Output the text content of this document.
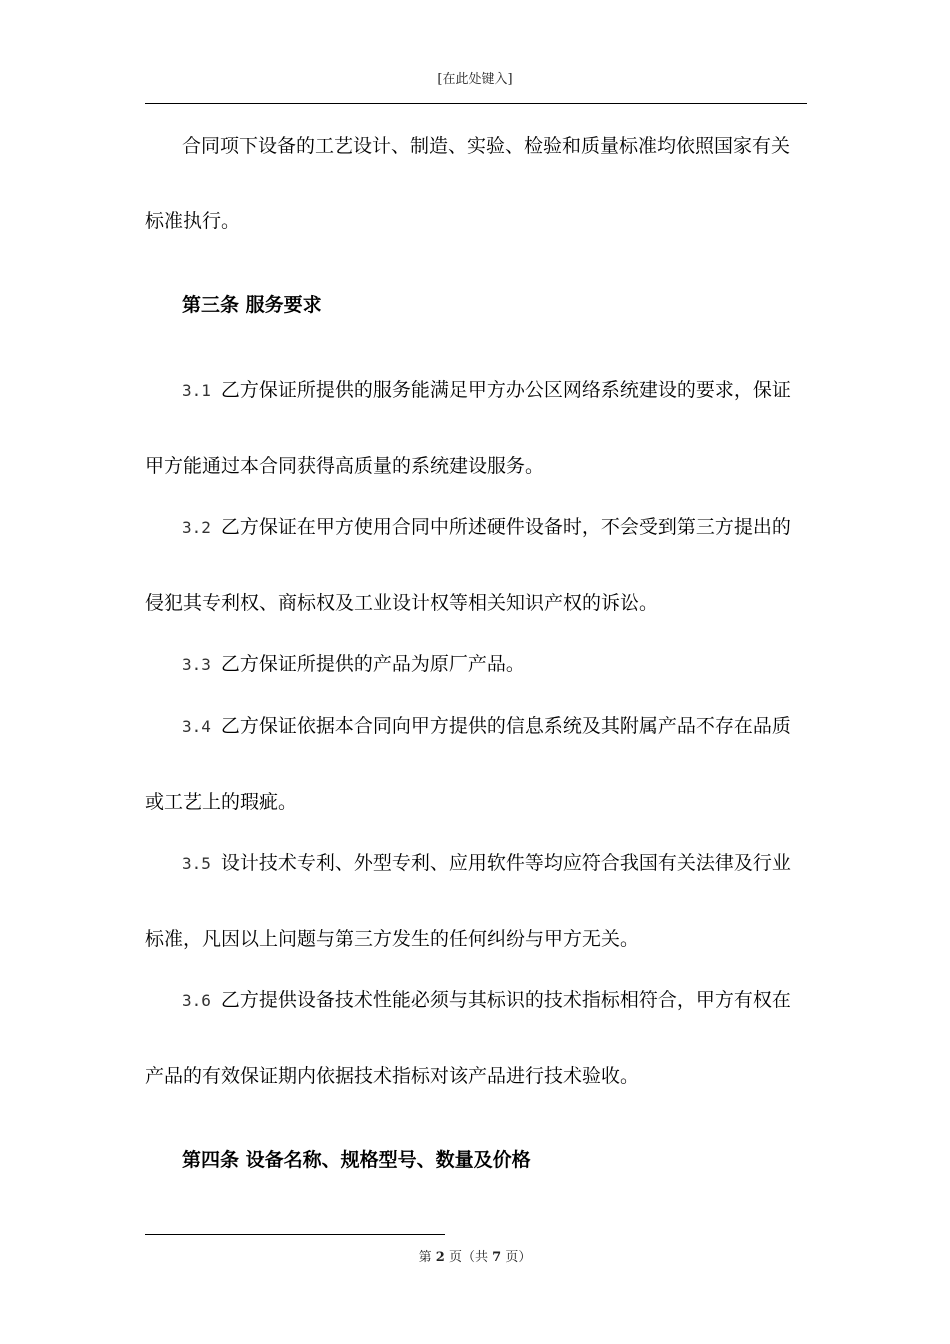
[在此处键入]
合同项下设备的工艺设计、制造、实验、检验和质量标准均依照国家有关
标准执行。
第三条 服务要求
3.1 乙方保证所提供的服务能满足甲方办公区网络系统建设的要求，保证
甲方能通过本合同获得高质量的系统建设服务。
3.2 乙方保证在甲方使用合同中所述硬件设备时，不会受到第三方提出的
侵犯其专利权、商标权及工业设计权等相关知识产权的诉讼。
3.3 乙方保证所提供的产品为原厂产品。
3.4 乙方保证依据本合同向甲方提供的信息系统及其附属产品不存在品质
或工艺上的瑕疵。
3.5 设计技术专利、外型专利、应用软件等均应符合我国有关法律及行业
标准，凡因以上问题与第三方发生的任何纠纷与甲方无关。
3.6 乙方提供设备技术性能必须与其标识的技术指标相符合，甲方有权在
产品的有效保证期内依据技术指标对该产品进行技术验收。
第四条 设备名称、规格型号、数量及价格
第 2 页（共 7 页）
